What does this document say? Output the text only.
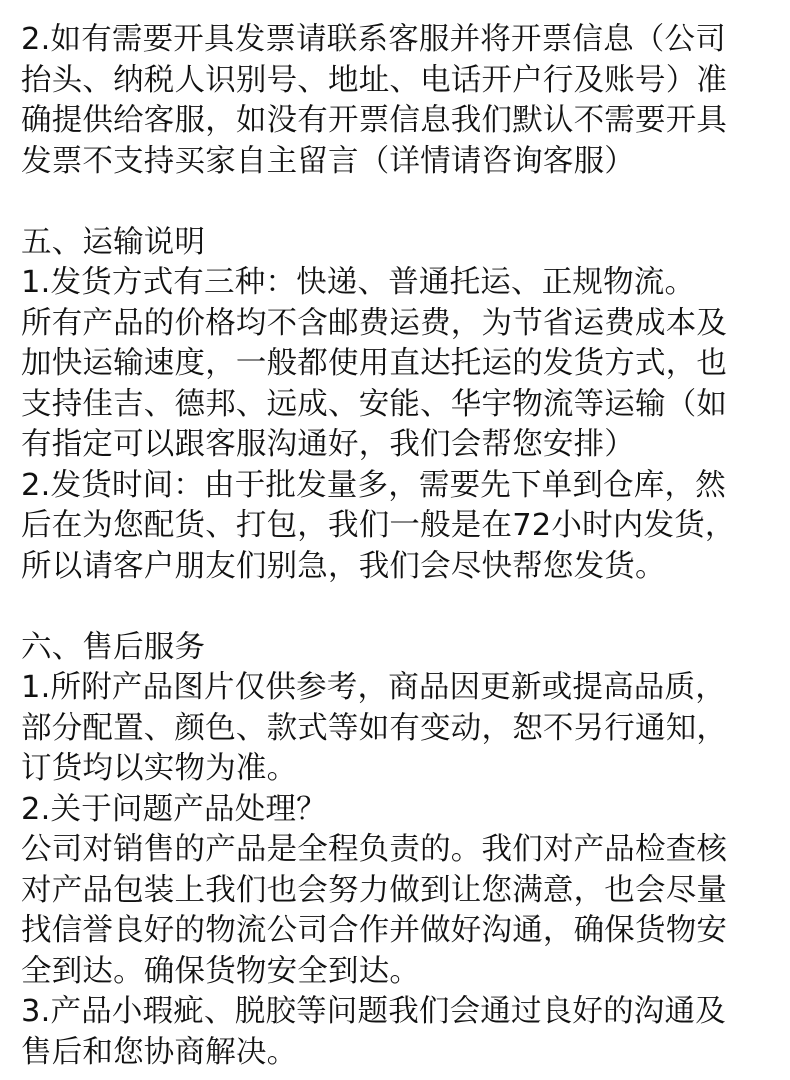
2.如有需要开具发票请联系客服并将开票信息（公司
抬头、纳税人识别号、地址、电话开户行及账号）准
确提供给客服，如没有开票信息我们默认不需要开具
发票不支持买家自主留言（详情请咨询客服）
五、运输说明
1.发货方式有三种：快递、普通托运、正规物流。
所有产品的价格均不含邮费运费，为节省运费成本及
加快运输速度，一般都使用直达托运的发货方式，也
支持佳吉、德邦、远成、安能、华宇物流等运输（如
有指定可以跟客服沟通好，我们会帮您安排）
2.发货时间：由于批发量多，需要先下单到仓库，然
后在为您配货、打包，我们一般是在72小时内发货，
所以请客户朋友们别急，我们会尽快帮您发货。
六、售后服务
1.所附产品图片仅供参考，商品因更新或提高品质，
部分配置、颜色、款式等如有变动，恕不另行通知，
订货均以实物为准。
2.关于问题产品处理？
公司对销售的产品是全程负责的。我们对产品检查核
对产品包装上我们也会努力做到让您满意，也会尽量
找信誉良好的物流公司合作并做好沟通，确保货物安
全到达。确保货物安全到达。
3.产品小瑕疵、脱胶等问题我们会通过良好的沟通及
售后和您协商解决。
